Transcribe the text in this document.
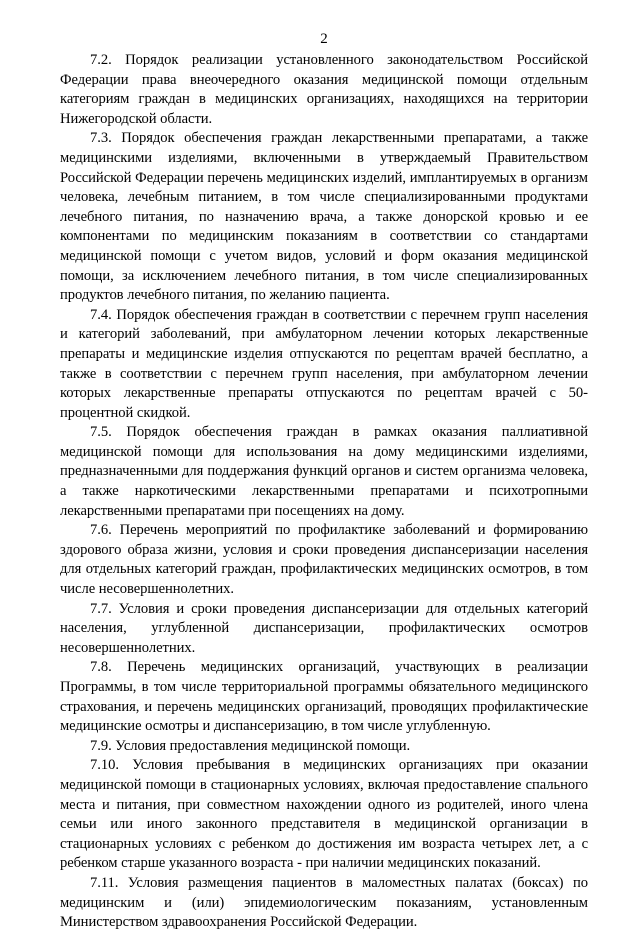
2

7.2. Порядок реализации установленного законодательством Российской Федерации права внеочередного оказания медицинской помощи отдельным категориям граждан в медицинских организациях, находящихся на территории Нижегородской области.

7.3. Порядок обеспечения граждан лекарственными препаратами, а также медицинскими изделиями, включенными в утверждаемый Правительством Российской Федерации перечень медицинских изделий, имплантируемых в организм человека, лечебным питанием, в том числе специализированными продуктами лечебного питания, по назначению врача, а также донорской кровью и ее компонентами по медицинским показаниям в соответствии со стандартами медицинской помощи с учетом видов, условий и форм оказания медицинской помощи, за исключением лечебного питания, в том числе специализированных продуктов лечебного питания, по желанию пациента.

7.4. Порядок обеспечения граждан в соответствии с перечнем групп населения и категорий заболеваний, при амбулаторном лечении которых лекарственные препараты и медицинские изделия отпускаются по рецептам врачей бесплатно, а также в соответствии с перечнем групп населения, при амбулаторном лечении которых лекарственные препараты отпускаются по рецептам врачей с 50-процентной скидкой.

7.5. Порядок обеспечения граждан в рамках оказания паллиативной медицинской помощи для использования на дому медицинскими изделиями, предназначенными для поддержания функций органов и систем организма человека, а также наркотическими лекарственными препаратами и психотропными лекарственными препаратами при посещениях на дому.

7.6. Перечень мероприятий по профилактике заболеваний и формированию здорового образа жизни, условия и сроки проведения диспансеризации населения для отдельных категорий граждан, профилактических медицинских осмотров, в том числе несовершеннолетних.

7.7. Условия и сроки проведения диспансеризации для отдельных категорий населения, углубленной диспансеризации, профилактических осмотров несовершеннолетних.

7.8. Перечень медицинских организаций, участвующих в реализации Программы, в том числе территориальной программы обязательного медицинского страхования, и перечень медицинских организаций, проводящих профилактические медицинские осмотры и диспансеризацию, в том числе углубленную.

7.9. Условия предоставления медицинской помощи.

7.10. Условия пребывания в медицинских организациях при оказании медицинской помощи в стационарных условиях, включая предоставление спального места и питания, при совместном нахождении одного из родителей, иного члена семьи или иного законного представителя в медицинской организации в стационарных условиях с ребенком до достижения им возраста четырех лет, а с ребенком старше указанного возраста - при наличии медицинских показаний.

7.11. Условия размещения пациентов в маломестных палатах (боксах) по медицинским и (или) эпидемиологическим показаниям, установленным Министерством здравоохранения Российской Федерации.
